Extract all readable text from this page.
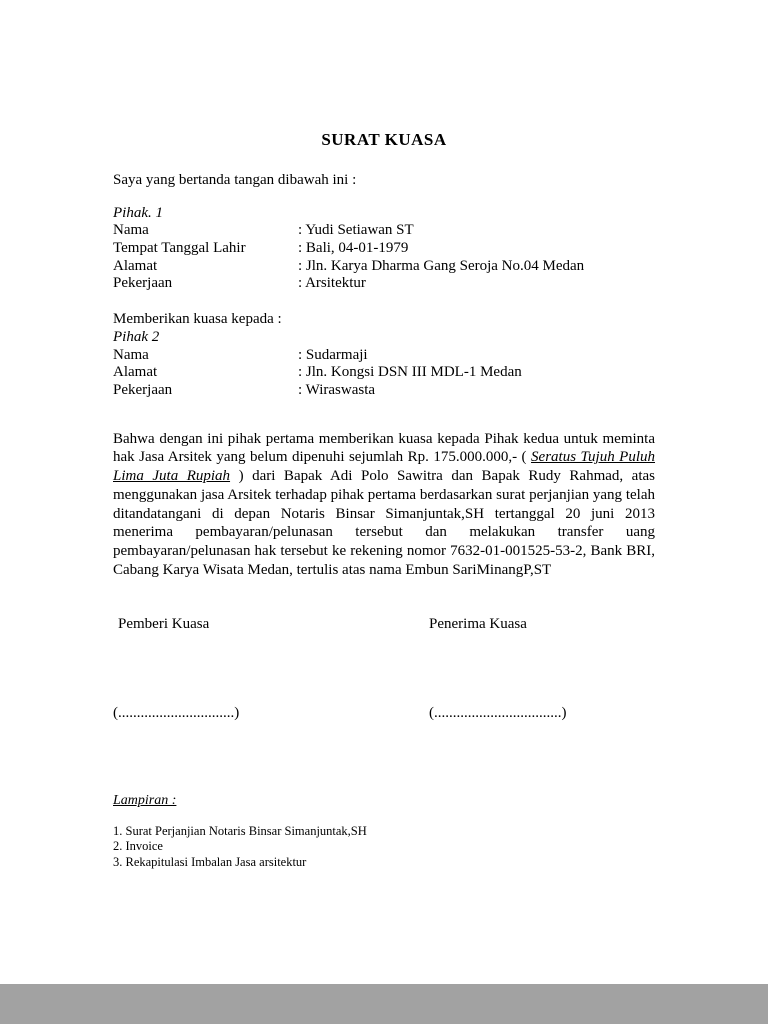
SURAT KUASA
Saya yang bertanda tangan dibawah ini :
Pihak. 1
Nama	: Yudi Setiawan ST
Tempat Tanggal Lahir	: Bali, 04-01-1979
Alamat	: Jln. Karya Dharma Gang Seroja No.04 Medan
Pekerjaan	: Arsitektur
Memberikan kuasa kepada :
Pihak 2
Nama	: Sudarmaji
Alamat	: Jln. Kongsi DSN III MDL-1 Medan
Pekerjaan	: Wiraswasta
Bahwa dengan ini pihak pertama memberikan kuasa kepada Pihak kedua untuk meminta hak Jasa Arsitek yang belum dipenuhi sejumlah Rp. 175.000.000,- ( Seratus Tujuh Puluh Lima Juta Rupiah ) dari Bapak Adi Polo Sawitra dan Bapak Rudy Rahmad, atas menggunakan jasa Arsitek terhadap pihak pertama berdasarkan surat perjanjian yang telah ditandatangani di depan Notaris Binsar Simanjuntak,SH tertanggal 20 juni 2013 menerima pembayaran/pelunasan tersebut dan melakukan transfer uang pembayaran/pelunasan hak tersebut ke rekening nomor 7632-01-001525-53-2, Bank BRI, Cabang Karya Wisata Medan, tertulis atas nama Embun SariMinangP,ST
Pemberi Kuasa	Penerima Kuasa
(...............................)	(..................................)
Lampiran :
1. Surat Perjanjian Notaris Binsar Simanjuntak,SH
2. Invoice
3. Rekapitulasi Imbalan Jasa arsitektur
